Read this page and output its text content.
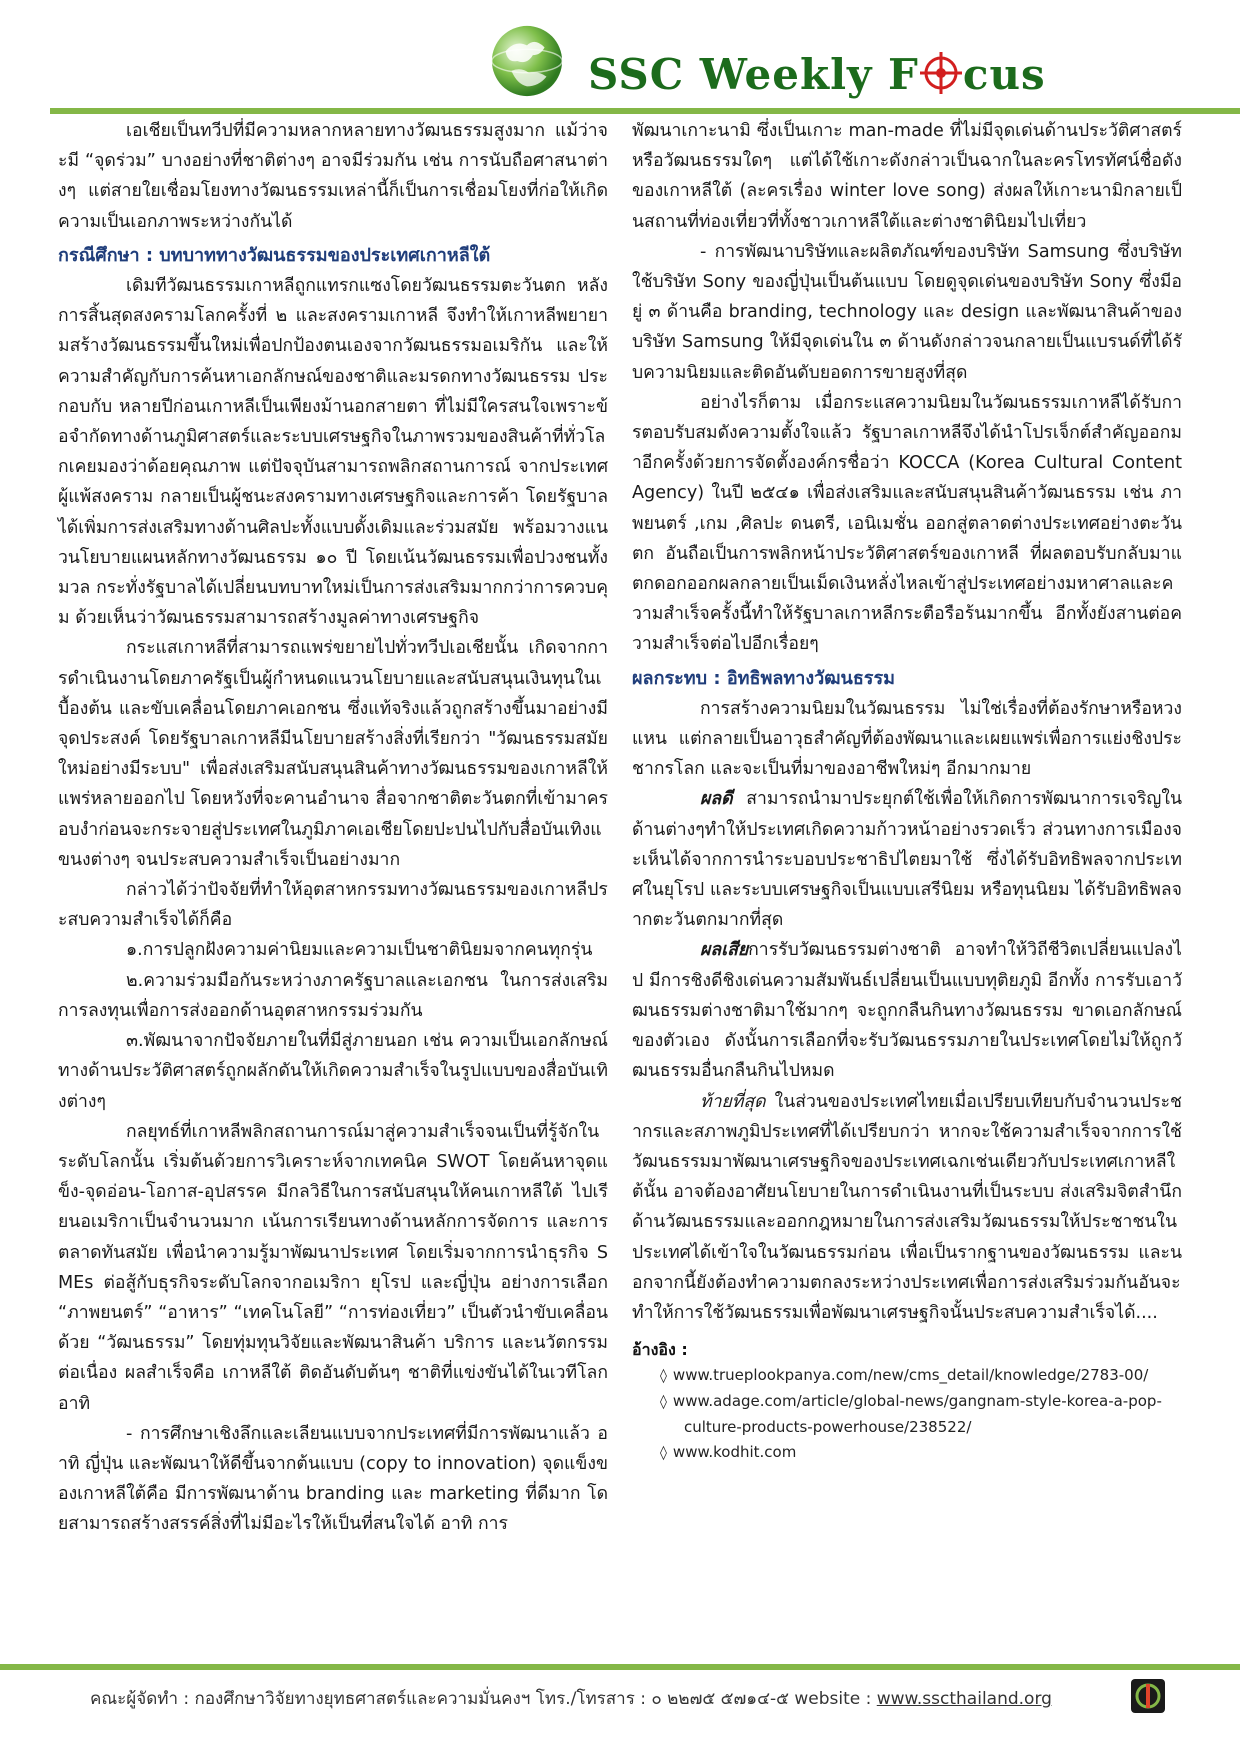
SSC Weekly F cus

เอเชียเป็นทวีปที่มีความหลากหลายทางวัฒนธรรมสูงมาก แม้ว่าจะมี “จุดร่วม” บางอย่างที่ชาติต่างๆ อาจมีร่วมกัน เช่น การนับถือศาสนาต่างๆ แต่สายใยเชื่อมโยงทางวัฒนธรรมเหล่านี้ก็เป็นการเชื่อมโยงที่ก่อให้เกิดความเป็นเอกภาพระหว่างกันได้

กรณีศึกษา : บทบาททางวัฒนธรรมของประเทศเกาหลีใต้

เดิมทีวัฒนธรรมเกาหลีถูกแทรกแซงโดยวัฒนธรรมตะวันตก หลังการสิ้นสุดสงครามโลกครั้งที่ ๒ และสงครามเกาหลี จึงทำให้เกาหลีพยายามสร้างวัฒนธรรมขึ้นใหม่เพื่อปกป้องตนเองจากวัฒนธรรมอเมริกัน และให้ความสำคัญกับการค้นหาเอกลักษณ์ของชาติและมรดกทางวัฒนธรรม ประกอบกับ หลายปีก่อนเกาหลีเป็นเพียงม้านอกสายตา ที่ไม่มีใครสนใจเพราะข้อจำกัดทางด้านภูมิศาสตร์และระบบเศรษฐกิจในภาพรวมของสินค้าที่ทั่วโลกเคยมองว่าด้อยคุณภาพ แต่ปัจจุบันสามารถพลิกสถานการณ์ จากประเทศผู้แพ้สงคราม กลายเป็นผู้ชนะสงครามทางเศรษฐกิจและการค้า โดยรัฐบาลได้เพิ่มการส่งเสริมทางด้านศิลปะทั้งแบบดั้งเดิมและร่วมสมัย พร้อมวางแนวนโยบายแผนหลักทางวัฒนธรรม ๑๐ ปี โดยเน้นวัฒนธรรมเพื่อปวงชนทั้งมวล กระทั่งรัฐบาลได้เปลี่ยนบทบาทใหม่เป็นการส่งเสริมมากกว่าการควบคุม ด้วยเห็นว่าวัฒนธรรมสามารถสร้างมูลค่าทางเศรษฐกิจ

กระแสเกาหลีที่สามารถแพร่ขยายไปทั่วทวีปเอเชียนั้น เกิดจากการดำเนินงานโดยภาครัฐเป็นผู้กำหนดแนวนโยบายและสนับสนุนเงินทุนในเบื้องต้น และขับเคลื่อนโดยภาคเอกชน ซึ่งแท้จริงแล้วถูกสร้างขึ้นมาอย่างมีจุดประสงค์ โดยรัฐบาลเกาหลีมีนโยบายสร้างสิ่งที่เรียกว่า "วัฒนธรรมสมัยใหม่อย่างมีระบบ" เพื่อส่งเสริมสนับสนุนสินค้าทางวัฒนธรรมของเกาหลีให้แพร่หลายออกไป โดยหวังที่จะคานอำนาจ สื่อจากชาติตะวันตกที่เข้ามาครอบงำก่อนจะกระจายสู่ประเทศในภูมิภาคเอเชียโดยปะปนไปกับสื่อบันเทิงแขนงต่างๆ จนประสบความสำเร็จเป็นอย่างมาก

กล่าวได้ว่าปัจจัยที่ทำให้อุตสาหกรรมทางวัฒนธรรมของเกาหลีประสบความสำเร็จได้ก็คือ

๑.การปลูกฝังความค่านิยมและความเป็นชาตินิยมจากคนทุกรุ่น

๒.ความร่วมมือกันระหว่างภาครัฐบาลและเอกชน ในการส่งเสริมการลงทุนเพื่อการส่งออกด้านอุตสาหกรรมร่วมกัน

๓.พัฒนาจากปัจจัยภายในที่มีสู่ภายนอก เช่น ความเป็นเอกลักษณ์ทางด้านประวัติศาสตร์ถูกผลักดันให้เกิดความสำเร็จในรูปแบบของสื่อบันเทิงต่างๆ

กลยุทธ์ที่เกาหลีพลิกสถานการณ์มาสู่ความสำเร็จจนเป็นที่รู้จักในระดับโลกนั้น เริ่มต้นด้วยการวิเคราะห์จากเทคนิค SWOT โดยค้นหาจุดแข็ง-จุดอ่อน-โอกาส-อุปสรรค มีกลวิธีในการสนับสนุนให้คนเกาหลีใต้ ไปเรียนอเมริกาเป็นจำนวนมาก เน้นการเรียนทางด้านหลักการจัดการ และการตลาดทันสมัย เพื่อนำความรู้มาพัฒนาประเทศ โดยเริ่มจากการนำธุรกิจ SMEs ต่อสู้กับธุรกิจระดับโลกจากอเมริกา ยุโรป และญี่ปุ่น อย่างการเลือก “ภาพยนตร์” “อาหาร” “เทคโนโลยี” “การท่องเที่ยว” เป็นตัวนำขับเคลื่อนด้วย “วัฒนธรรม” โดยทุ่มทุนวิจัยและพัฒนาสินค้า บริการ และนวัตกรรมต่อเนื่อง ผลสำเร็จคือ เกาหลีใต้ ติดอันดับต้นๆ ชาติที่แข่งขันได้ในเวทีโลก อาทิ

- การศึกษาเชิงลึกและเลียนแบบจากประเทศที่มีการพัฒนาแล้ว อาทิ ญี่ปุ่น และพัฒนาให้ดีขึ้นจากต้นแบบ (copy to innovation) จุดแข็งของเกาหลีใต้คือ มีการพัฒนาด้าน branding และ marketing ที่ดีมาก โดยสามารถสร้างสรรค์สิ่งที่ไม่มีอะไรให้เป็นที่สนใจได้ อาทิ การ

พัฒนาเกาะนามิ ซึ่งเป็นเกาะ man-made ที่ไม่มีจุดเด่นด้านประวัติศาสตร์หรือวัฒนธรรมใดๆ แต่ได้ใช้เกาะดังกล่าวเป็นฉากในละครโทรทัศน์ชื่อดังของเกาหลีใต้ (ละครเรื่อง winter love song) ส่งผลให้เกาะนามิกลายเป็นสถานที่ท่องเที่ยวที่ทั้งชาวเกาหลีใต้และต่างชาตินิยมไปเที่ยว

- การพัฒนาบริษัทและผลิตภัณฑ์ของบริษัท Samsung ซึ่งบริษัทใช้บริษัท Sony ของญี่ปุ่นเป็นต้นแบบ โดยดูจุดเด่นของบริษัท Sony ซึ่งมีอยู่ ๓ ด้านคือ branding, technology และ design และพัฒนาสินค้าของบริษัท Samsung ให้มีจุดเด่นใน ๓ ด้านดังกล่าวจนกลายเป็นแบรนด์ที่ได้รับความนิยมและติดอันดับยอดการขายสูงที่สุด

อย่างไรก็ตาม เมื่อกระแสความนิยมในวัฒนธรรมเกาหลีได้รับการตอบรับสมดังความตั้งใจแล้ว รัฐบาลเกาหลีจึงได้นำโปรเจ็กต์สำคัญออกมาอีกครั้งด้วยการจัดตั้งองค์กรชื่อว่า KOCCA (Korea Cultural Content Agency) ในปี ๒๕๔๑ เพื่อส่งเสริมและสนับสนุนสินค้าวัฒนธรรม เช่น ภาพยนตร์ ,เกม ,ศิลปะ ดนตรี, เอนิเมชั่น ออกสู่ตลาดต่างประเทศอย่างตะวันตก อันถือเป็นการพลิกหน้าประวัติศาสตร์ของเกาหลี ที่ผลตอบรับกลับมาแตกดอกออกผลกลายเป็นเม็ดเงินหลั่งไหลเข้าสู่ประเทศอย่างมหาศาลและความสำเร็จครั้งนี้ทำให้รัฐบาลเกาหลีกระตือรือร้นมากขึ้น อีกทั้งยังสานต่อความสำเร็จต่อไปอีกเรื่อยๆ

ผลกระทบ : อิทธิพลทางวัฒนธรรม

การสร้างความนิยมในวัฒนธรรม ไม่ใช่เรื่องที่ต้องรักษาหรือหวงแหน แต่กลายเป็นอาวุธสำคัญที่ต้องพัฒนาและเผยแพร่เพื่อการแย่งชิงประชากรโลก และจะเป็นที่มาของอาชีพใหม่ๆ อีกมากมาย

ผลดี สามารถนำมาประยุกต์ใช้เพื่อให้เกิดการพัฒนาการเจริญในด้านต่างๆทำให้ประเทศเกิดความก้าวหน้าอย่างรวดเร็ว ส่วนทางการเมืองจะเห็นได้จากการนำระบอบประชาธิปไตยมาใช้ ซึ่งได้รับอิทธิพลจากประเทศในยุโรป และระบบเศรษฐกิจเป็นแบบเสรีนิยม หรือทุนนิยม ได้รับอิทธิพลจากตะวันตกมากที่สุด

ผลเสียการรับวัฒนธรรมต่างชาติ อาจทำให้วิถีชีวิตเปลี่ยนแปลงไป มีการชิงดีชิงเด่นความสัมพันธ์เปลี่ยนเป็นแบบทุติยภูมิ อีกทั้ง การรับเอาวัฒนธรรมต่างชาติมาใช้มากๆ จะถูกกลืนกินทางวัฒนธรรม ขาดเอกลักษณ์ของตัวเอง ดังนั้นการเลือกที่จะรับวัฒนธรรมภายในประเทศโดยไม่ให้ถูกวัฒนธรรมอื่นกลืนกินไปหมด

ท้ายที่สุด ในส่วนของประเทศไทยเมื่อเปรียบเทียบกับจำนวนประชากรและสภาพภูมิประเทศที่ได้เปรียบกว่า หากจะใช้ความสำเร็จจากการใช้วัฒนธรรมมาพัฒนาเศรษฐกิจของประเทศเฉกเช่นเดียวกับประเทศเกาหลีใต้นั้น อาจต้องอาศัยนโยบายในการดำเนินงานที่เป็นระบบ ส่งเสริมจิตสำนึกด้านวัฒนธรรมและออกกฎหมายในการส่งเสริมวัฒนธรรมให้ประชาชนในประเทศได้เข้าใจในวัฒนธรรมก่อน เพื่อเป็นรากฐานของวัฒนธรรม และนอกจากนี้ยังต้องทำความตกลงระหว่างประเทศเพื่อการส่งเสริมร่วมกันอันจะทำให้การใช้วัฒนธรรมเพื่อพัฒนาเศรษฐกิจนั้นประสบความสำเร็จได้....

อ้างอิง :
◊ www.trueplookpanya.com/new/cms_detail/knowledge/2783-00/
◊ www.adage.com/article/global-news/gangnam-style-korea-a-pop-culture-products-powerhouse/238522/
◊ www.kodhit.com
คณะผู้จัดทำ : กองศึกษาวิจัยทางยุทธศาสตร์และความมั่นคงฯ โทร./โทรสาร : ๐ ๒๒๗๕ ๕๗๑๔-๕ website : www.sscthailand.org
